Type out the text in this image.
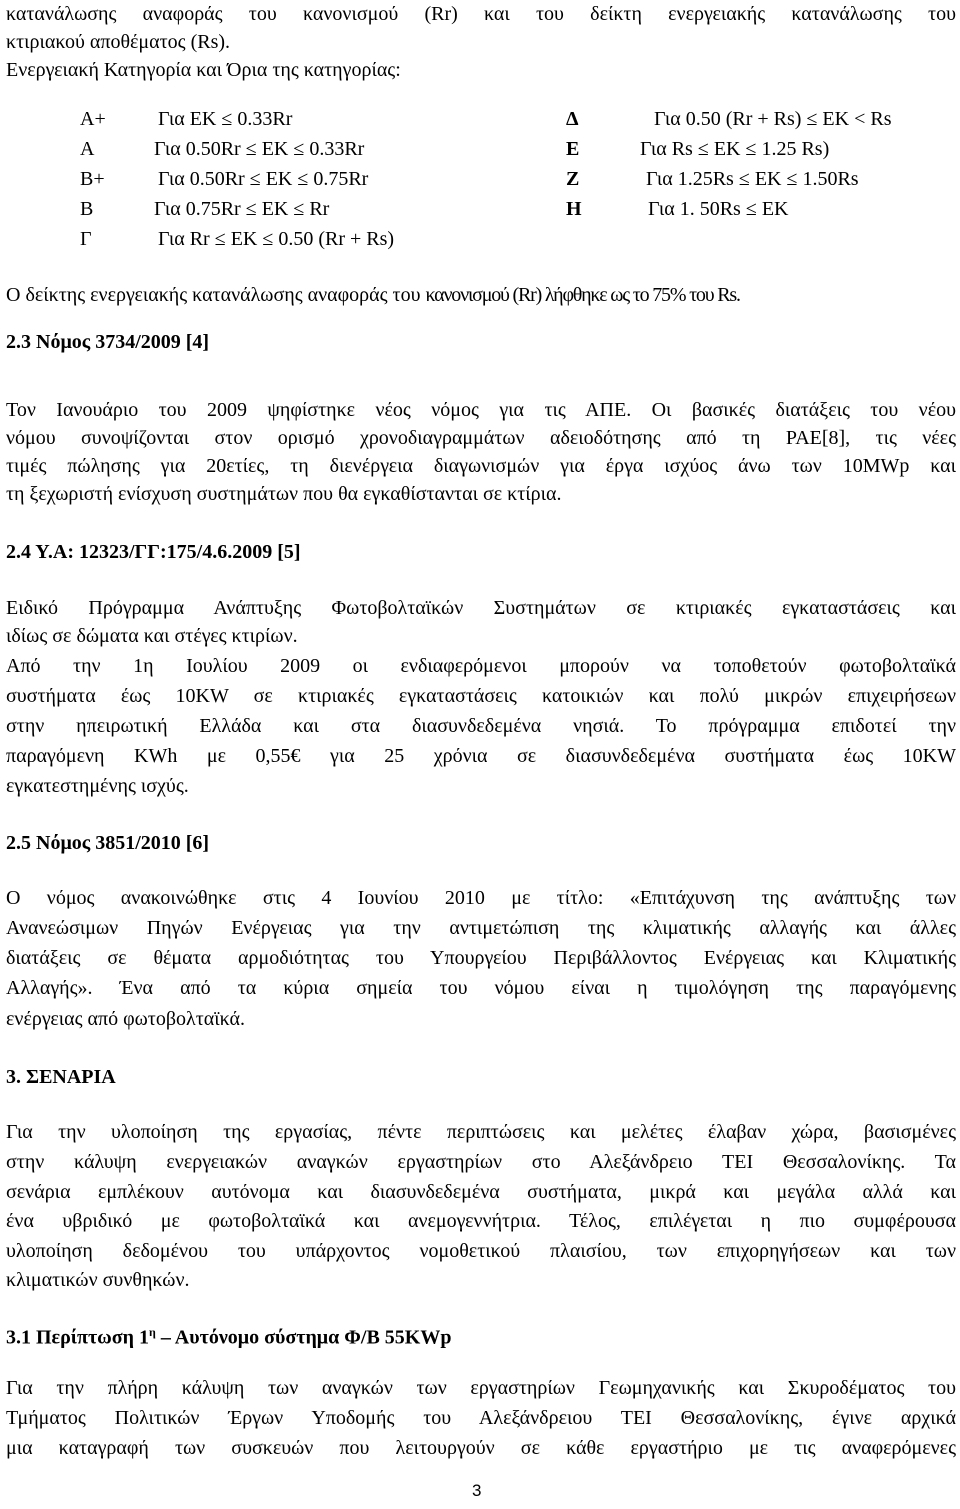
κατανάλωσης αναφοράς του κανονισμού (Rr) και του δείκτη ενεργειακής κατανάλωσης του
κτιριακού αποθέματος (Rs).
Ενεργειακή Κατηγορία και Όρια της κατηγορίας:
A+	Για ΕΚ ≤ 0.33Rr
A	Για 0.50Rr ≤ ΕΚ ≤ 0.33Rr
B+	Για 0.50Rr ≤ ΕΚ ≤ 0.75Rr
B	Για 0.75Rr ≤ ΕΚ ≤ Rr
Γ	Για Rr ≤ ΕΚ ≤ 0.50 (Rr + Rs)
Δ	Για 0.50 (Rr + Rs) ≤ ΕΚ < Rs
Ε	Για Rs ≤ ΕΚ ≤ 1.25 Rs)
Ζ	Για 1.25Rs ≤ ΕΚ ≤ 1.50Rs
Η	Για 1. 50Rs ≤ ΕΚ
Ο δείκτης ενεργειακής κατανάλωσης αναφοράς του κανονισμού (Rr) λήφθηκε ως το 75% του Rs.
2.3 Νόμος 3734/2009 [4]
Τον Ιανουάριο του 2009 ψηφίστηκε νέος νόμος για τις ΑΠΕ. Οι βασικές διατάξεις του νέου
νόμου συνοψίζονται στον ορισμό χρονοδιαγραμμάτων αδειοδότησης από τη ΡΑΕ[8], τις νέες
τιμές πώλησης για 20ετίες, τη διενέργεια διαγωνισμών για έργα ισχύος άνω των 10MWp και
τη ξεχωριστή ενίσχυση συστημάτων που θα εγκαθίστανται σε κτίρια.
2.4 Υ.Α: 12323/ΓΓ:175/4.6.2009 [5]
Ειδικό Πρόγραμμα Ανάπτυξης Φωτοβολταϊκών Συστημάτων σε κτιριακές εγκαταστάσεις και
ιδίως σε δώματα και στέγες κτιρίων.
Από την 1η Ιουλίου 2009 οι ενδιαφερόμενοι μπορούν να τοποθετούν φωτοβολταϊκά
συστήματα έως 10KW σε κτιριακές εγκαταστάσεις κατοικιών και πολύ μικρών επιχειρήσεων
στην ηπειρωτική Ελλάδα και στα διασυνδεδεμένα νησιά. Το πρόγραμμα επιδοτεί την
παραγόμενη KWh με 0,55€ για 25 χρόνια σε διασυνδεδεμένα συστήματα έως 10KW
εγκατεστημένης ισχύς.
2.5 Νόμος 3851/2010 [6]
Ο νόμος ανακοινώθηκε στις 4 Ιουνίου 2010 με τίτλο: «Επιτάχυνση της ανάπτυξης των
Ανανεώσιμων Πηγών Ενέργειας για την αντιμετώπιση της κλιματικής αλλαγής και άλλες
διατάξεις σε θέματα αρμοδιότητας του Υπουργείου Περιβάλλοντος Ενέργειας και Κλιματικής
Αλλαγής». Ένα από τα κύρια σημεία του νόμου είναι η τιμολόγηση της παραγόμενης
ενέργειας από φωτοβολταϊκά.
3. ΣΕΝΑΡΙΑ
Για την υλοποίηση της εργασίας, πέντε περιπτώσεις και μελέτες έλαβαν χώρα, βασισμένες
στην κάλυψη ενεργειακών αναγκών εργαστηρίων στο Αλεξάνδρειο ΤΕΙ Θεσσαλονίκης. Τα
σενάρια εμπλέκουν αυτόνομα και διασυνδεδεμένα συστήματα, μικρά και μεγάλα αλλά και
ένα υβριδικό με φωτοβολταϊκά και ανεμογεννήτρια. Τέλος, επιλέγεται η πιο συμφέρουσα
υλοποίηση δεδομένου του υπάρχοντος νομοθετικού πλαισίου, των επιχορηγήσεων και των
κλιματικών συνθηκών.
3.1 Περίπτωση $1^\eta$ – Αυτόνομο σύστημα Φ/Β 55KWp
Για την πλήρη κάλυψη των αναγκών των εργαστηρίων Γεωμηχανικής και Σκυροδέματος του
Τμήματος Πολιτικών Έργων Υποδομής του Αλεξάνδρειου ΤΕΙ Θεσσαλονίκης, έγινε αρχικά
μια καταγραφή των συσκευών που λειτουργούν σε κάθε εργαστήριο με τις αναφερόμενες
3
